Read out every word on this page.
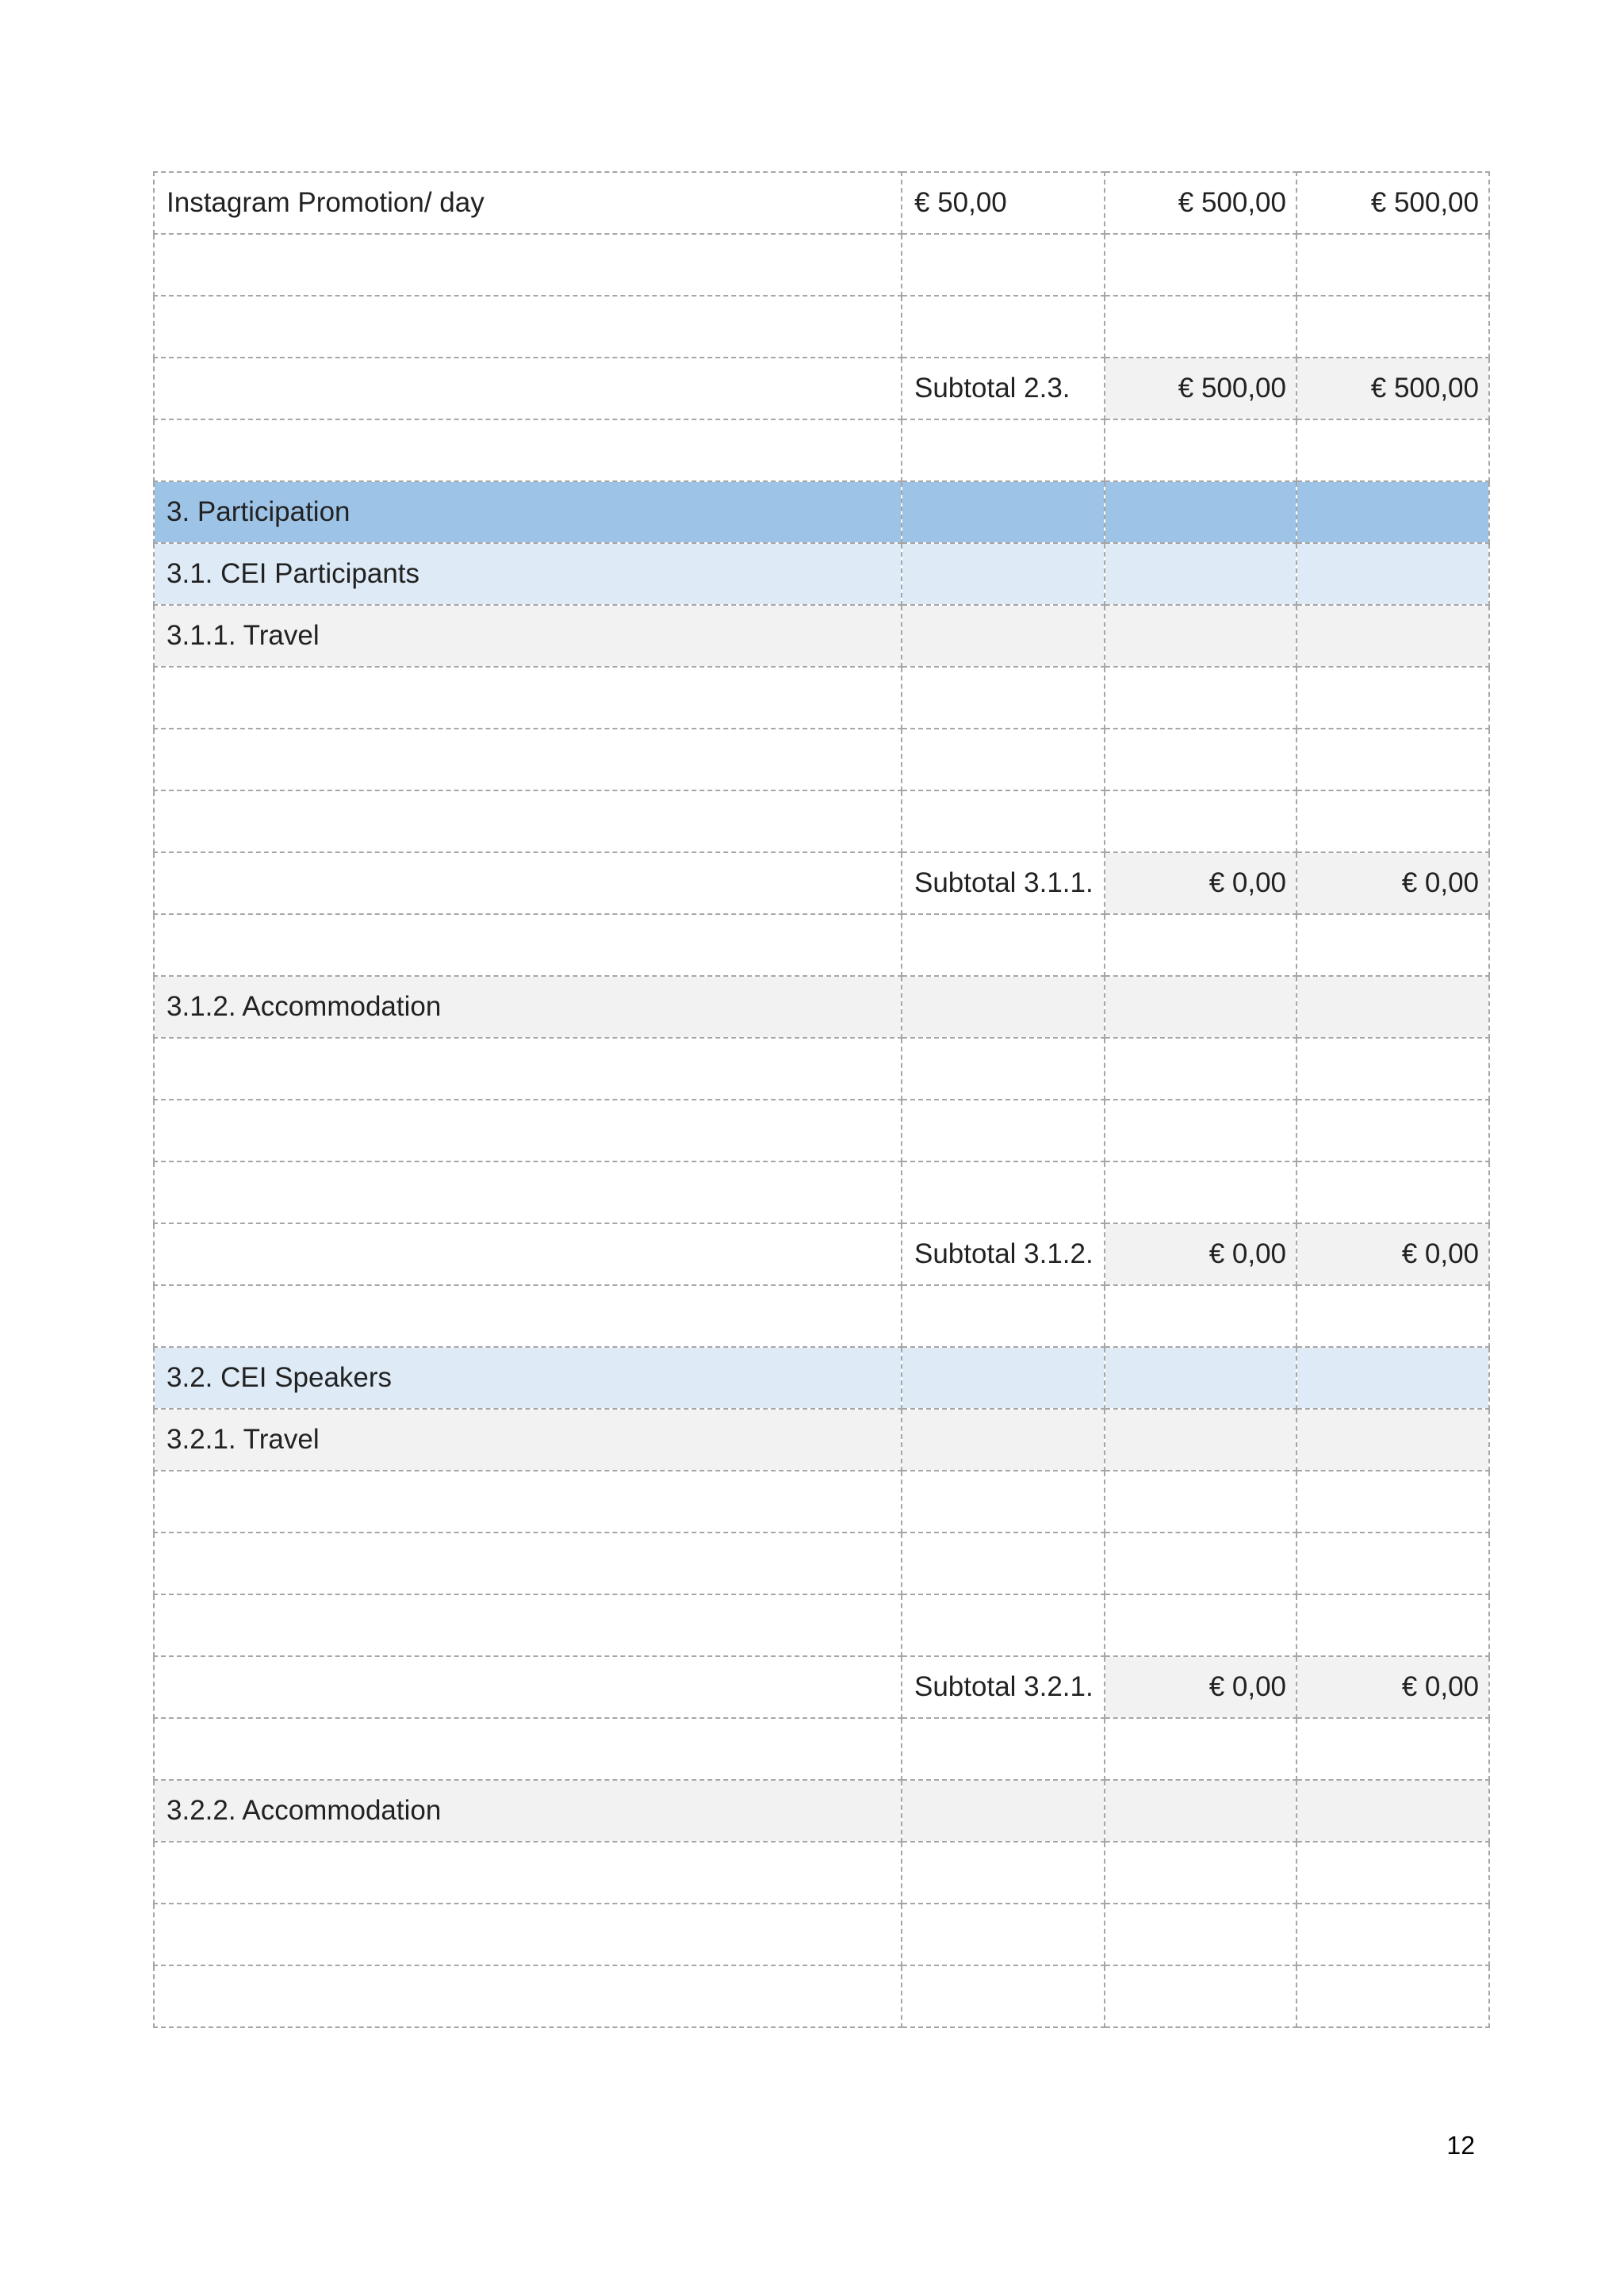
Instagram Promotion/ day	€ 50,00	€ 500,00	€ 500,00

	Subtotal 2.3.	€ 500,00	€ 500,00

3. Participation			
3.1. CEI Participants			
3.1.1. Travel			

	Subtotal 3.1.1.	€ 0,00	€ 0,00

3.1.2. Accommodation			

	Subtotal 3.1.2.	€ 0,00	€ 0,00

3.2. CEI Speakers			
3.2.1. Travel			

	Subtotal 3.2.1.	€ 0,00	€ 0,00

3.2.2. Accommodation			

12
